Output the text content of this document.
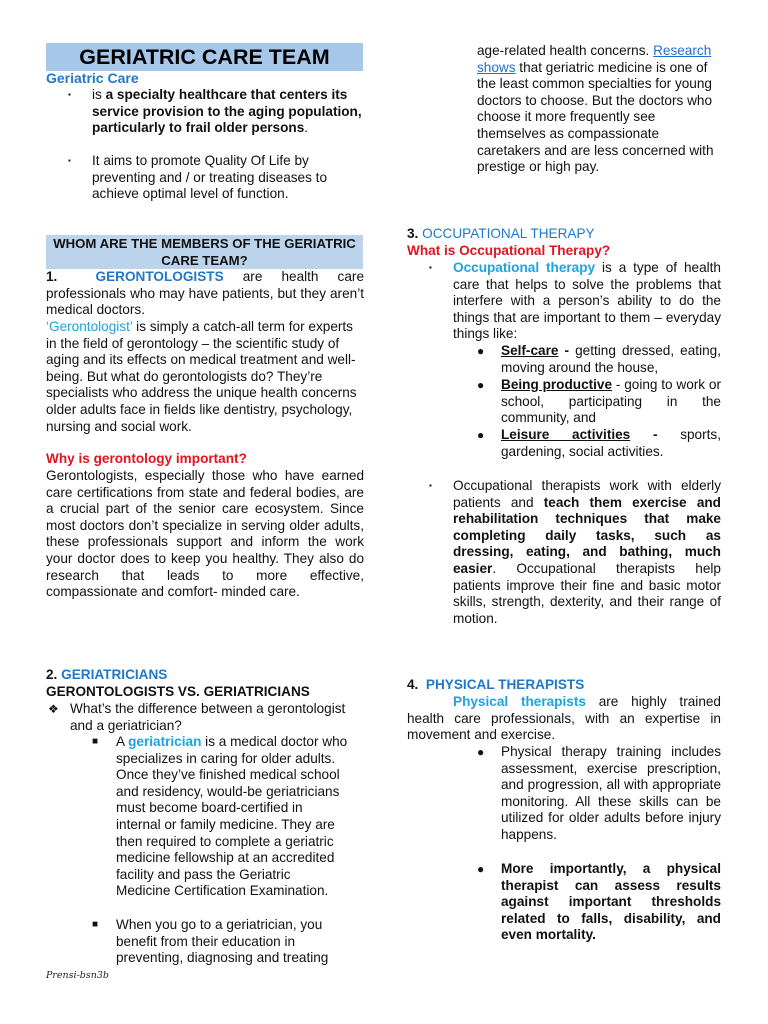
GERIATRIC CARE TEAM
Geriatric Care
▪ is a specialty healthcare that centers its service provision to the aging population, particularly to frail older persons.
▪ It aims to promote Quality Of Life by preventing and / or treating diseases to achieve optimal level of function.
WHOM ARE THE MEMBERS OF THE GERIATRIC CARE TEAM?
1.	GERONTOLOGISTS are health care professionals who may have patients, but they aren’t medical doctors.
‘Gerontologist’ is simply a catch-all term for experts in the field of gerontology – the scientific study of aging and its effects on medical treatment and well- being. But what do gerontologists do? They’re specialists who address the unique health concerns older adults face in fields like dentistry, psychology, nursing and social work.
Why is gerontology important?
Gerontologists, especially those who have earned care certifications from state and federal bodies, are a crucial part of the senior care ecosystem. Since most doctors don’t specialize in serving older adults, these professionals support and inform the work your doctor does to keep you healthy. They also do research that leads to more effective, compassionate and comfort- minded care.
2. GERIATRICIANS
GERONTOLOGISTS VS. GERIATRICIANS
❖ What’s the difference between a gerontologist and a geriatrician?
■ A geriatrician is a medical doctor who specializes in caring for older adults. Once they’ve finished medical school and residency, would-be geriatricians must become board-certified in internal or family medicine. They are then required to complete a geriatric medicine fellowship at an accredited facility and pass the Geriatric Medicine Certification Examination.
■ When you go to a geriatrician, you benefit from their education in preventing, diagnosing and treating
Prensi-bsn3b
age-related health concerns. Research shows that geriatric medicine is one of the least common specialties for young doctors to choose. But the doctors who choose it more frequently see themselves as compassionate caretakers and are less concerned with prestige or high pay.
3. OCCUPATIONAL THERAPY
What is Occupational Therapy?
▪ Occupational therapy is a type of health care that helps to solve the problems that interfere with a person’s ability to do the things that are important to them – everyday things like:
● Self-care - getting dressed, eating, moving around the house,
● Being productive - going to work or school, participating in the community, and
● Leisure activities - sports, gardening, social activities.
▪ Occupational therapists work with elderly patients and teach them exercise and rehabilitation techniques that make completing daily tasks, such as dressing, eating, and bathing, much easier. Occupational therapists help patients improve their fine and basic motor skills, strength, dexterity, and their range of motion.
4. PHYSICAL THERAPISTS
Physical therapists are highly trained health care professionals, with an expertise in movement and exercise.
● Physical therapy training includes assessment, exercise prescription, and progression, all with appropriate monitoring. All these skills can be utilized for older adults before injury happens.
● More importantly, a physical therapist can assess results against important thresholds related to falls, disability, and even mortality.
